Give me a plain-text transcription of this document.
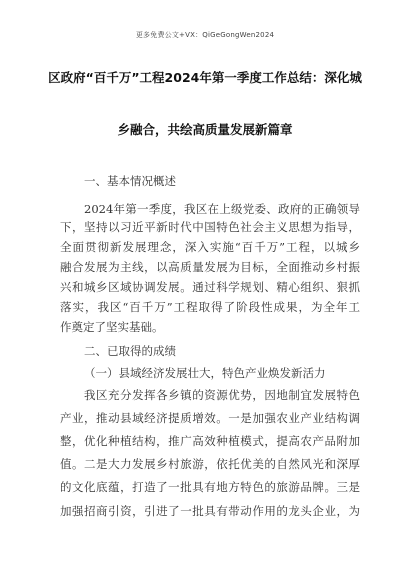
更多免费公文+VX：QiGeGongWen2024
区政府“百千万”工程2024年第一季度工作总结：深化城
乡融合，共绘高质量发展新篇章
一、基本情况概述
2024年第一季度，我区在上级党委、政府的正确领导
下，坚持以习近平新时代中国特色社会主义思想为指导，
全面贯彻新发展理念，深入实施“百千万”工程，以城乡
融合发展为主线，以高质量发展为目标，全面推动乡村振
兴和城乡区域协调发展。通过科学规划、精心组织、狠抓
落实，我区“百千万”工程取得了阶段性成果，为全年工
作奠定了坚实基础。
二、已取得的成绩
（一）县域经济发展壮大，特色产业焕发新活力
我区充分发挥各乡镇的资源优势，因地制宜发展特色
产业，推动县域经济提质增效。一是加强农业产业结构调
整，优化种植结构，推广高效种植模式，提高农产品附加
值。二是大力发展乡村旅游，依托优美的自然风光和深厚
的文化底蕴，打造了一批具有地方特色的旅游品牌。三是
加强招商引资，引进了一批具有带动作用的龙头企业，为
